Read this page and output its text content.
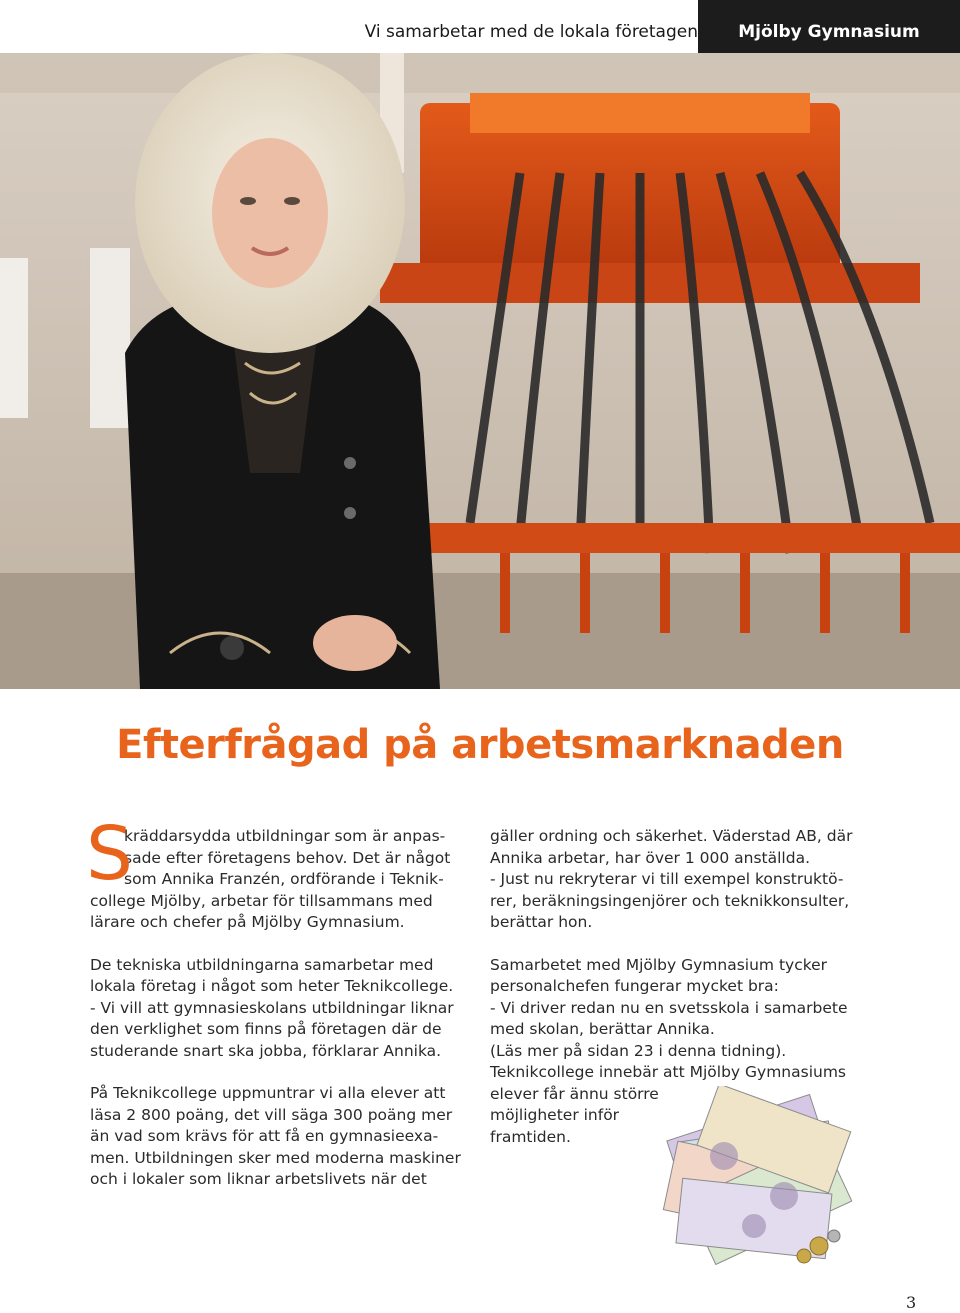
Vi samarbetar med de lokala företagen	Mjölby Gymnasium
Efterfrågad på arbetsmarknaden
S

kräddarsydda utbildningar som är anpas-

sade efter företagens behov. Det är något

som Annika Franzén, ordförande i Teknik-

college Mjölby, arbetar för tillsammans med

lärare och chefer på Mjölby Gymnasium.

De tekniska utbildningarna samarbetar med

lokala företag i något som heter Teknikcollege.

- Vi vill att gymnasieskolans utbildningar liknar

den verklighet som finns på företagen där de

studerande snart ska jobba, förklarar Annika.

På Teknikcollege uppmuntrar vi alla elever att

läsa 2 800 poäng, det vill säga 300 poäng mer

än vad som krävs för att få en gymnasieexa-

men. Utbildningen sker med moderna maskiner

och i lokaler som liknar arbetslivets när det

gäller ordning och säkerhet. Väderstad AB, där

Annika arbetar, har över 1 000 anställda.

- Just nu rekryterar vi till exempel konstruktö-

rer, beräkningsingenjörer och teknikkonsulter,

berättar hon.

Samarbetet med Mjölby Gymnasium tycker

personalchefen fungerar mycket bra:

- Vi driver redan nu en svetsskola i samarbete

med skolan, berättar Annika.

(Läs mer på sidan 23 i denna tidning).

Teknikcollege innebär att Mjölby Gymnasiums

elever får ännu större

möjligheter inför

framtiden.

3
